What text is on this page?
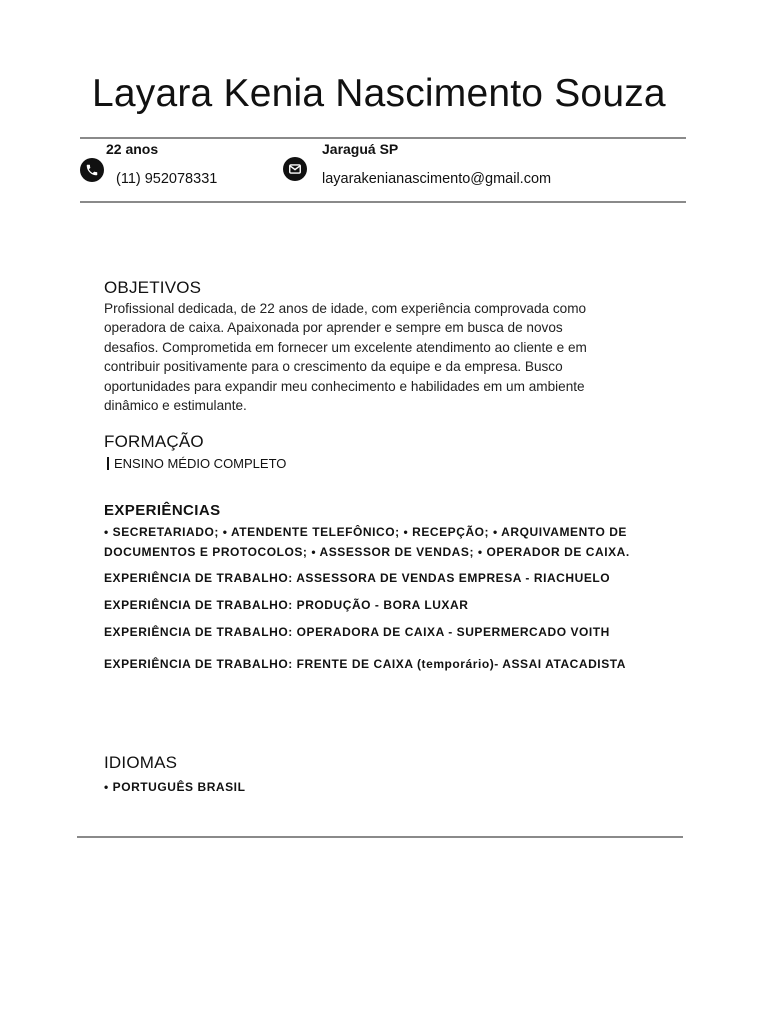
Layara Kenia Nascimento Souza
22 anos
(11) 952078331
Jaraguá SP
layarakenianascimento@gmail.com
OBJETIVOS
Profissional dedicada, de 22 anos de idade, com experiência comprovada como
operadora de caixa. Apaixonada por aprender e sempre em busca de novos
desafios. Comprometida em fornecer um excelente atendimento ao cliente e em
contribuir positivamente para o crescimento da equipe e da empresa. Busco
oportunidades para expandir meu conhecimento e habilidades em um ambiente
dinâmico e estimulante.
FORMAÇÃO
ENSINO MÉDIO COMPLETO
EXPERIÊNCIAS
• SECRETARIADO; • ATENDENTE TELEFÔNICO; • RECEPÇÃO; • ARQUIVAMENTO DE
DOCUMENTOS E PROTOCOLOS; • ASSESSOR DE VENDAS; • OPERADOR DE CAIXA.
EXPERIÊNCIA DE TRABALHO: ASSESSORA DE VENDAS EMPRESA - RIACHUELO
EXPERIÊNCIA DE TRABALHO: PRODUÇÃO - BORA LUXAR
EXPERIÊNCIA DE TRABALHO: OPERADORA DE CAIXA - SUPERMERCADO VOITH
EXPERIÊNCIA DE TRABALHO: FRENTE DE CAIXA (temporário)- ASSAI ATACADISTA
IDIOMAS
• PORTUGUÊS BRASIL
